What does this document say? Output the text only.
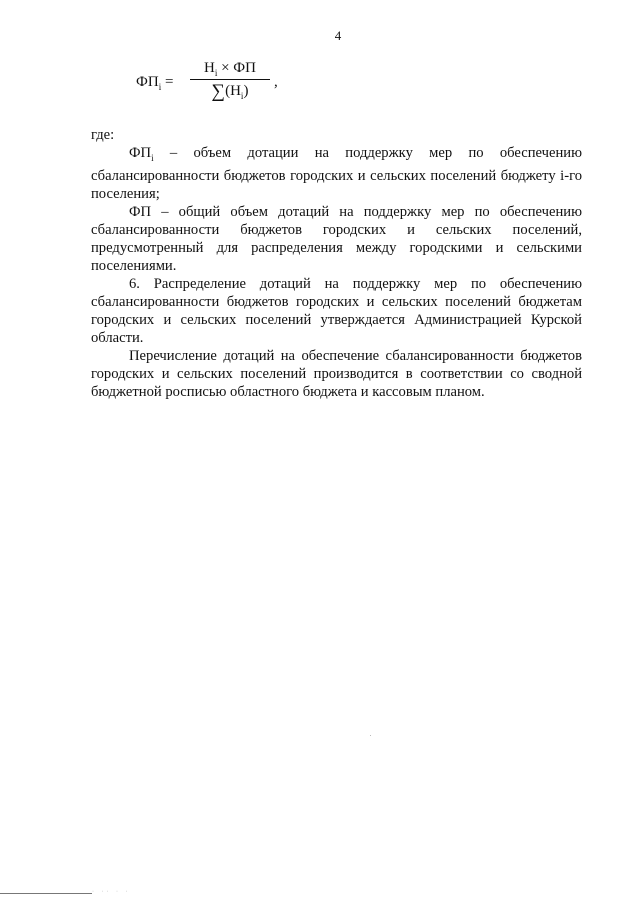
4
$ФП_i$ =
$Н_i$ × ФП
$\sum(Н_i)$
,

где:

$ФП_i$ – объем дотации на поддержку мер по обеспечению сбалансированности бюджетов городских и сельских поселений бюджету i-го поселения;

ФП – общий объем дотаций на поддержку мер по обеспечению сбалансированности бюджетов городских и сельских поселений, предусмотренный для распределения между городскими и сельскими поселениями.

6. Распределение дотаций на поддержку мер по обеспечению сбалансированности бюджетов городских и сельских поселений бюджетам городских и сельских поселений утверждается Администрацией Курской области.

Перечисление дотаций на обеспечение сбалансированности бюджетов городских и сельских поселений производится в соответствии со сводной бюджетной росписью областного бюджета и кассовым планом.

· ·· · ·
